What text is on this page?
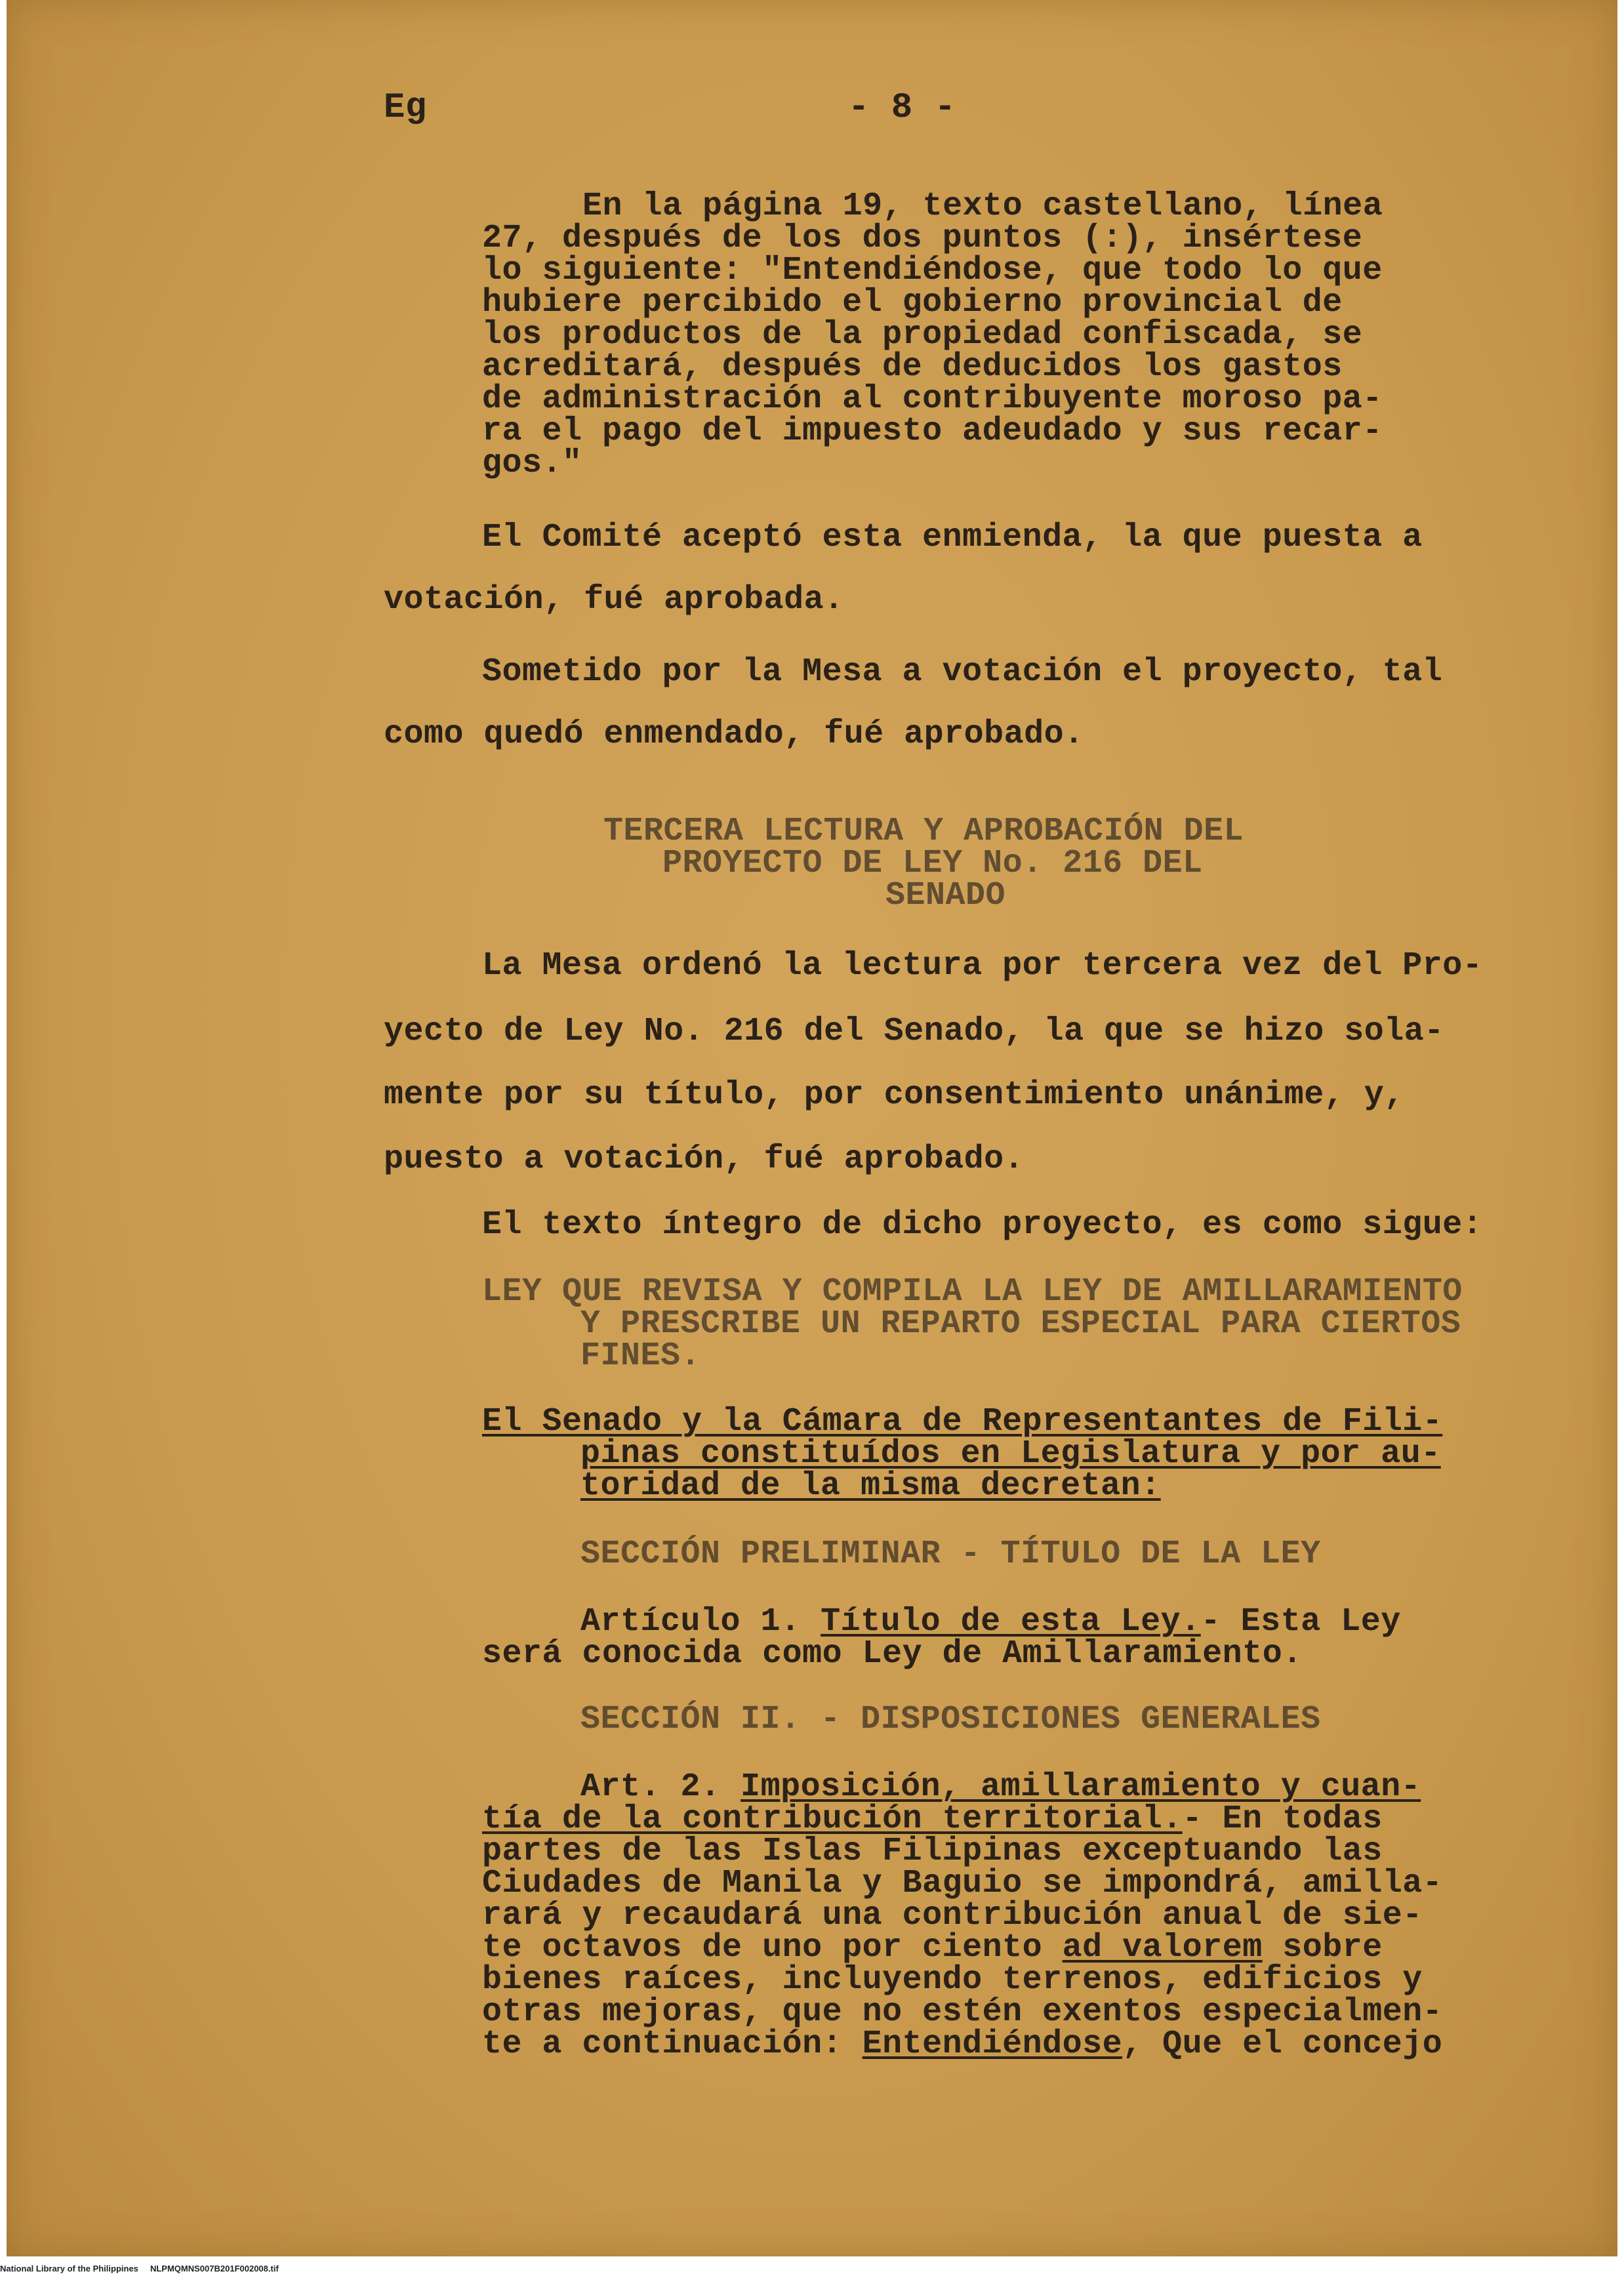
Eg	- 8 -

En la página 19, texto castellano, línea

27, después de los dos puntos (:), insértese

lo siguiente: "Entendiéndose, que todo lo que

hubiere percibido el gobierno provincial de

los productos de la propiedad confiscada, se

acreditará, después de deducidos los gastos

de administración al contribuyente moroso pa-

ra el pago del impuesto adeudado y sus recar-

gos."

El Comité aceptó esta enmienda, la que puesta a

votación, fué aprobada.

Sometido por la Mesa a votación el proyecto, tal

como quedó enmendado, fué aprobado.

TERCERA LECTURA Y APROBACIÓN DEL

PROYECTO DE LEY No. 216 DEL

SENADO

La Mesa ordenó la lectura por tercera vez del Pro-

yecto de Ley No. 216 del Senado, la que se hizo sola-

mente por su título, por consentimiento unánime, y,

puesto a votación, fué aprobado.

El texto íntegro de dicho proyecto, es como sigue:

LEY QUE REVISA Y COMPILA LA LEY DE AMILLARAMIENTO

Y PRESCRIBE UN REPARTO ESPECIAL PARA CIERTOS

FINES.

El Senado y la Cámara de Representantes de Fili-

pinas constituídos en Legislatura y por au-

toridad de la misma decretan:

SECCIÓN PRELIMINAR - TÍTULO DE LA LEY

Artículo 1. Título de esta Ley.- Esta Ley

será conocida como Ley de Amillaramiento.

SECCIÓN II. - DISPOSICIONES GENERALES

Art. 2. Imposición, amillaramiento y cuan-

tía de la contribución territorial.- En todas

partes de las Islas Filipinas exceptuando las

Ciudades de Manila y Baguio se impondrá, amilla-

rará y recaudará una contribución anual de sie-

te octavos de uno por ciento ad valorem sobre

bienes raíces, incluyendo terrenos, edificios y

otras mejoras, que no estén exentos especialmen-

te a continuación: Entendiéndose, Que el concejo

National Library of the Philippines     NLPMQMNS007B201F002008.tif
